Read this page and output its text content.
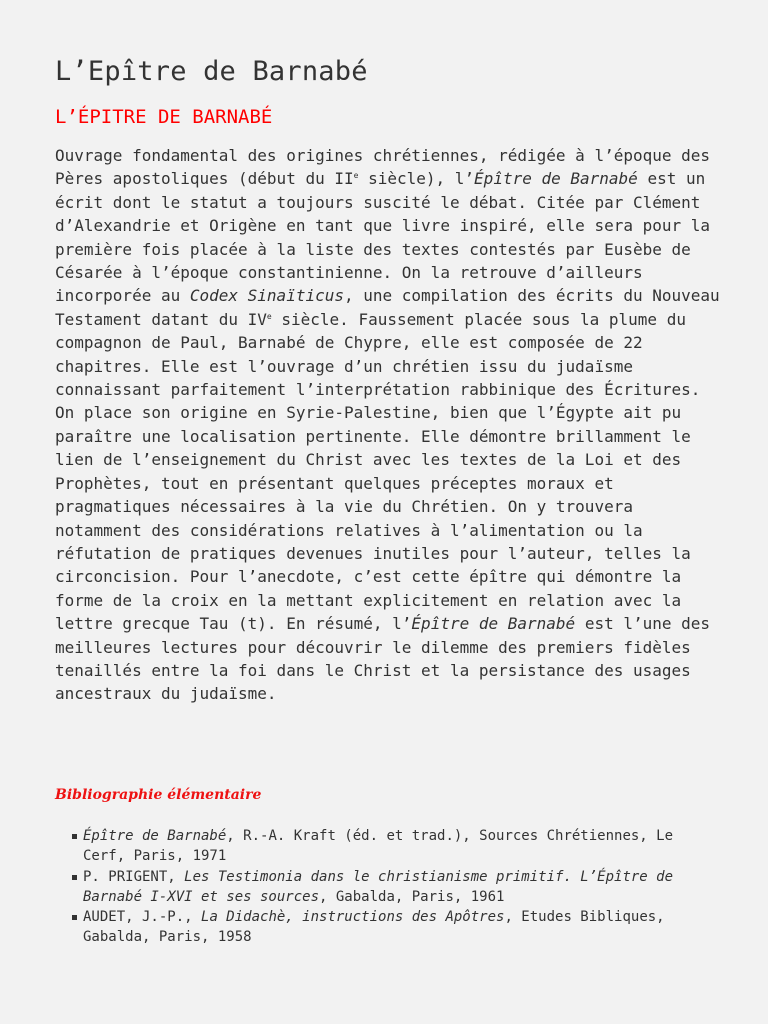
L’Epître de Barnabé
L’ÉPITRE DE BARNABÉ

Ouvrage fondamental des origines chrétiennes, rédigée à l’époque des Pères apostoliques (début du IIe siècle), l’Épître de Barnabé est un écrit dont le statut a toujours suscité le débat. Citée par Clément d’Alexandrie et Origène en tant que livre inspiré, elle sera pour la première fois placée à la liste des textes contestés par Eusèbe de Césarée à l’époque constantinienne. On la retrouve d’ailleurs incorporée au Codex Sinaïticus, une compilation des écrits du Nouveau Testament datant du IVe siècle. Faussement placée sous la plume du compagnon de Paul, Barnabé de Chypre, elle est composée de 22 chapitres. Elle est l’ouvrage d’un chrétien issu du judaïsme connaissant parfaitement l’interprétation rabbinique des Écritures. On place son origine en Syrie-Palestine, bien que l’Égypte ait pu paraître une localisation pertinente. Elle démontre brillamment le lien de l’enseignement du Christ avec les textes de la Loi et des Prophètes, tout en présentant quelques préceptes moraux et pragmatiques nécessaires à la vie du Chrétien. On y trouvera notamment des considérations relatives à l’alimentation ou la réfutation de pratiques devenues inutiles pour l’auteur, telles la circoncision. Pour l’anecdote, c’est cette épître qui démontre la forme de la croix en la mettant explicitement en relation avec la lettre grecque Tau (t). En résumé, l’Épître de Barnabé est l’une des meilleures lectures pour découvrir le dilemme des premiers fidèles tenaillés entre la foi dans le Christ et la persistance des usages ancestraux du judaïsme.

Bibliographie élémentaire
Épître de Barnabé, R.-A. Kraft (éd. et trad.), Sources Chrétiennes, Le Cerf, Paris, 1971
P. PRIGENT, Les Testimonia dans le christianisme primitif. L’Épître de Barnabé I-XVI et ses sources, Gabalda, Paris, 1961
AUDET, J.-P., La Didachè, instructions des Apôtres, Etudes Bibliques, Gabalda, Paris, 1958
